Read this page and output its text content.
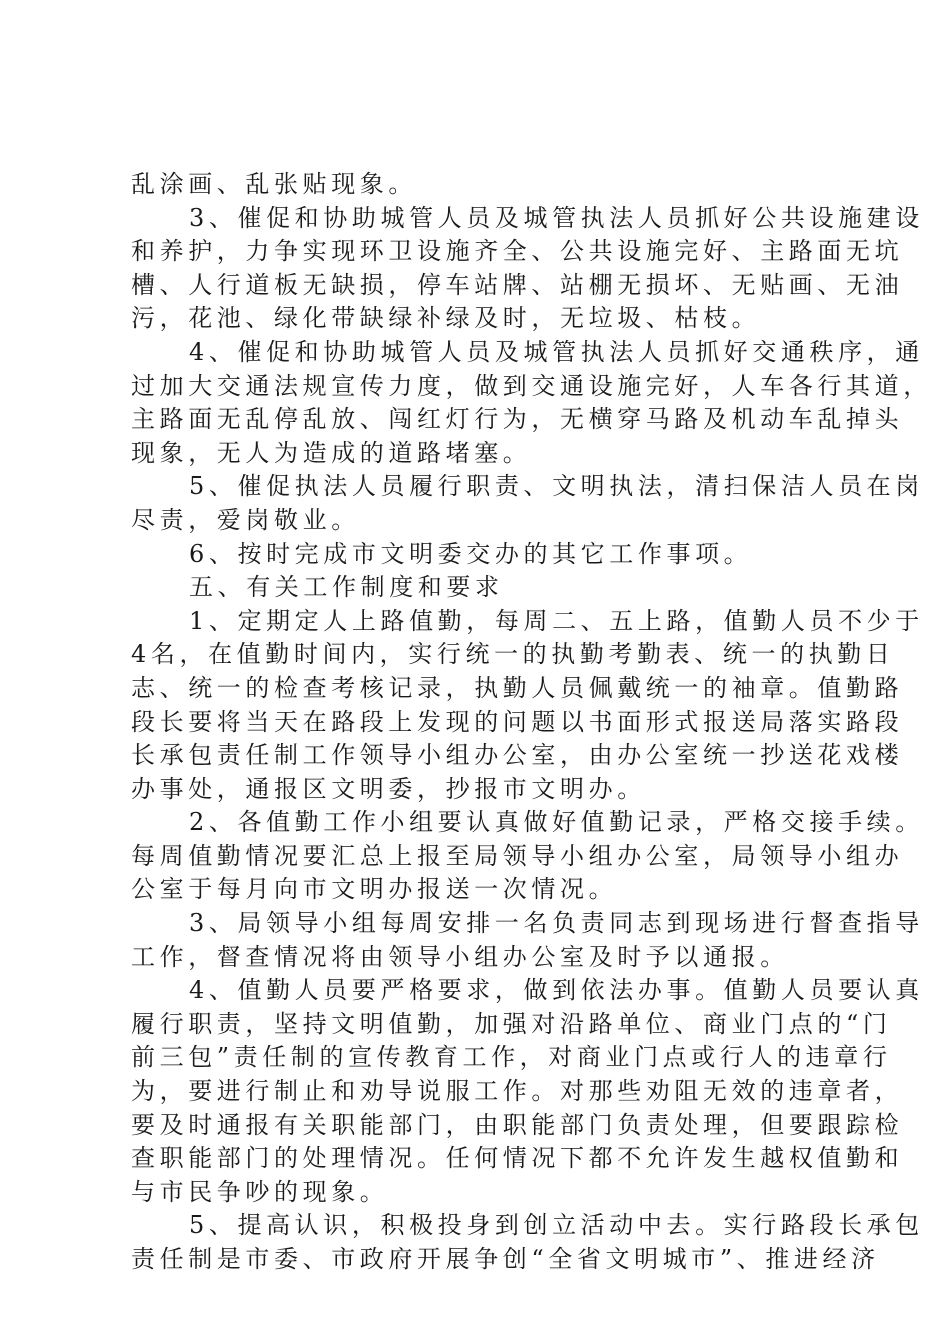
乱涂画、乱张贴现象。
3、催促和协助城管人员及城管执法人员抓好公共设施建设
和养护，力争实现环卫设施齐全、公共设施完好、主路面无坑
槽、人行道板无缺损，停车站牌、站棚无损坏、无贴画、无油
污，花池、绿化带缺绿补绿及时，无垃圾、枯枝。
4、催促和协助城管人员及城管执法人员抓好交通秩序，通
过加大交通法规宣传力度，做到交通设施完好，人车各行其道，
主路面无乱停乱放、闯红灯行为，无横穿马路及机动车乱掉头
现象，无人为造成的道路堵塞。
5、催促执法人员履行职责、文明执法，清扫保洁人员在岗
尽责，爱岗敬业。
6、按时完成市文明委交办的其它工作事项。
五、有关工作制度和要求
1、定期定人上路值勤，每周二、五上路，值勤人员不少于
4名，在值勤时间内，实行统一的执勤考勤表、统一的执勤日
志、统一的检查考核记录，执勤人员佩戴统一的袖章。值勤路
段长要将当天在路段上发现的问题以书面形式报送局落实路段
长承包责任制工作领导小组办公室，由办公室统一抄送花戏楼
办事处，通报区文明委，抄报市文明办。
2、各值勤工作小组要认真做好值勤记录，严格交接手续。
每周值勤情况要汇总上报至局领导小组办公室，局领导小组办
公室于每月向市文明办报送一次情况。
3、局领导小组每周安排一名负责同志到现场进行督查指导
工作，督查情况将由领导小组办公室及时予以通报。
4、值勤人员要严格要求，做到依法办事。值勤人员要认真
履行职责，坚持文明值勤，加强对沿路单位、商业门点的“门
前三包”责任制的宣传教育工作，对商业门点或行人的违章行
为，要进行制止和劝导说服工作。对那些劝阻无效的违章者，
要及时通报有关职能部门，由职能部门负责处理，但要跟踪检
查职能部门的处理情况。任何情况下都不允许发生越权值勤和
与市民争吵的现象。
5、提高认识，积极投身到创立活动中去。实行路段长承包
责任制是市委、市政府开展争创“全省文明城市”、推进经济
